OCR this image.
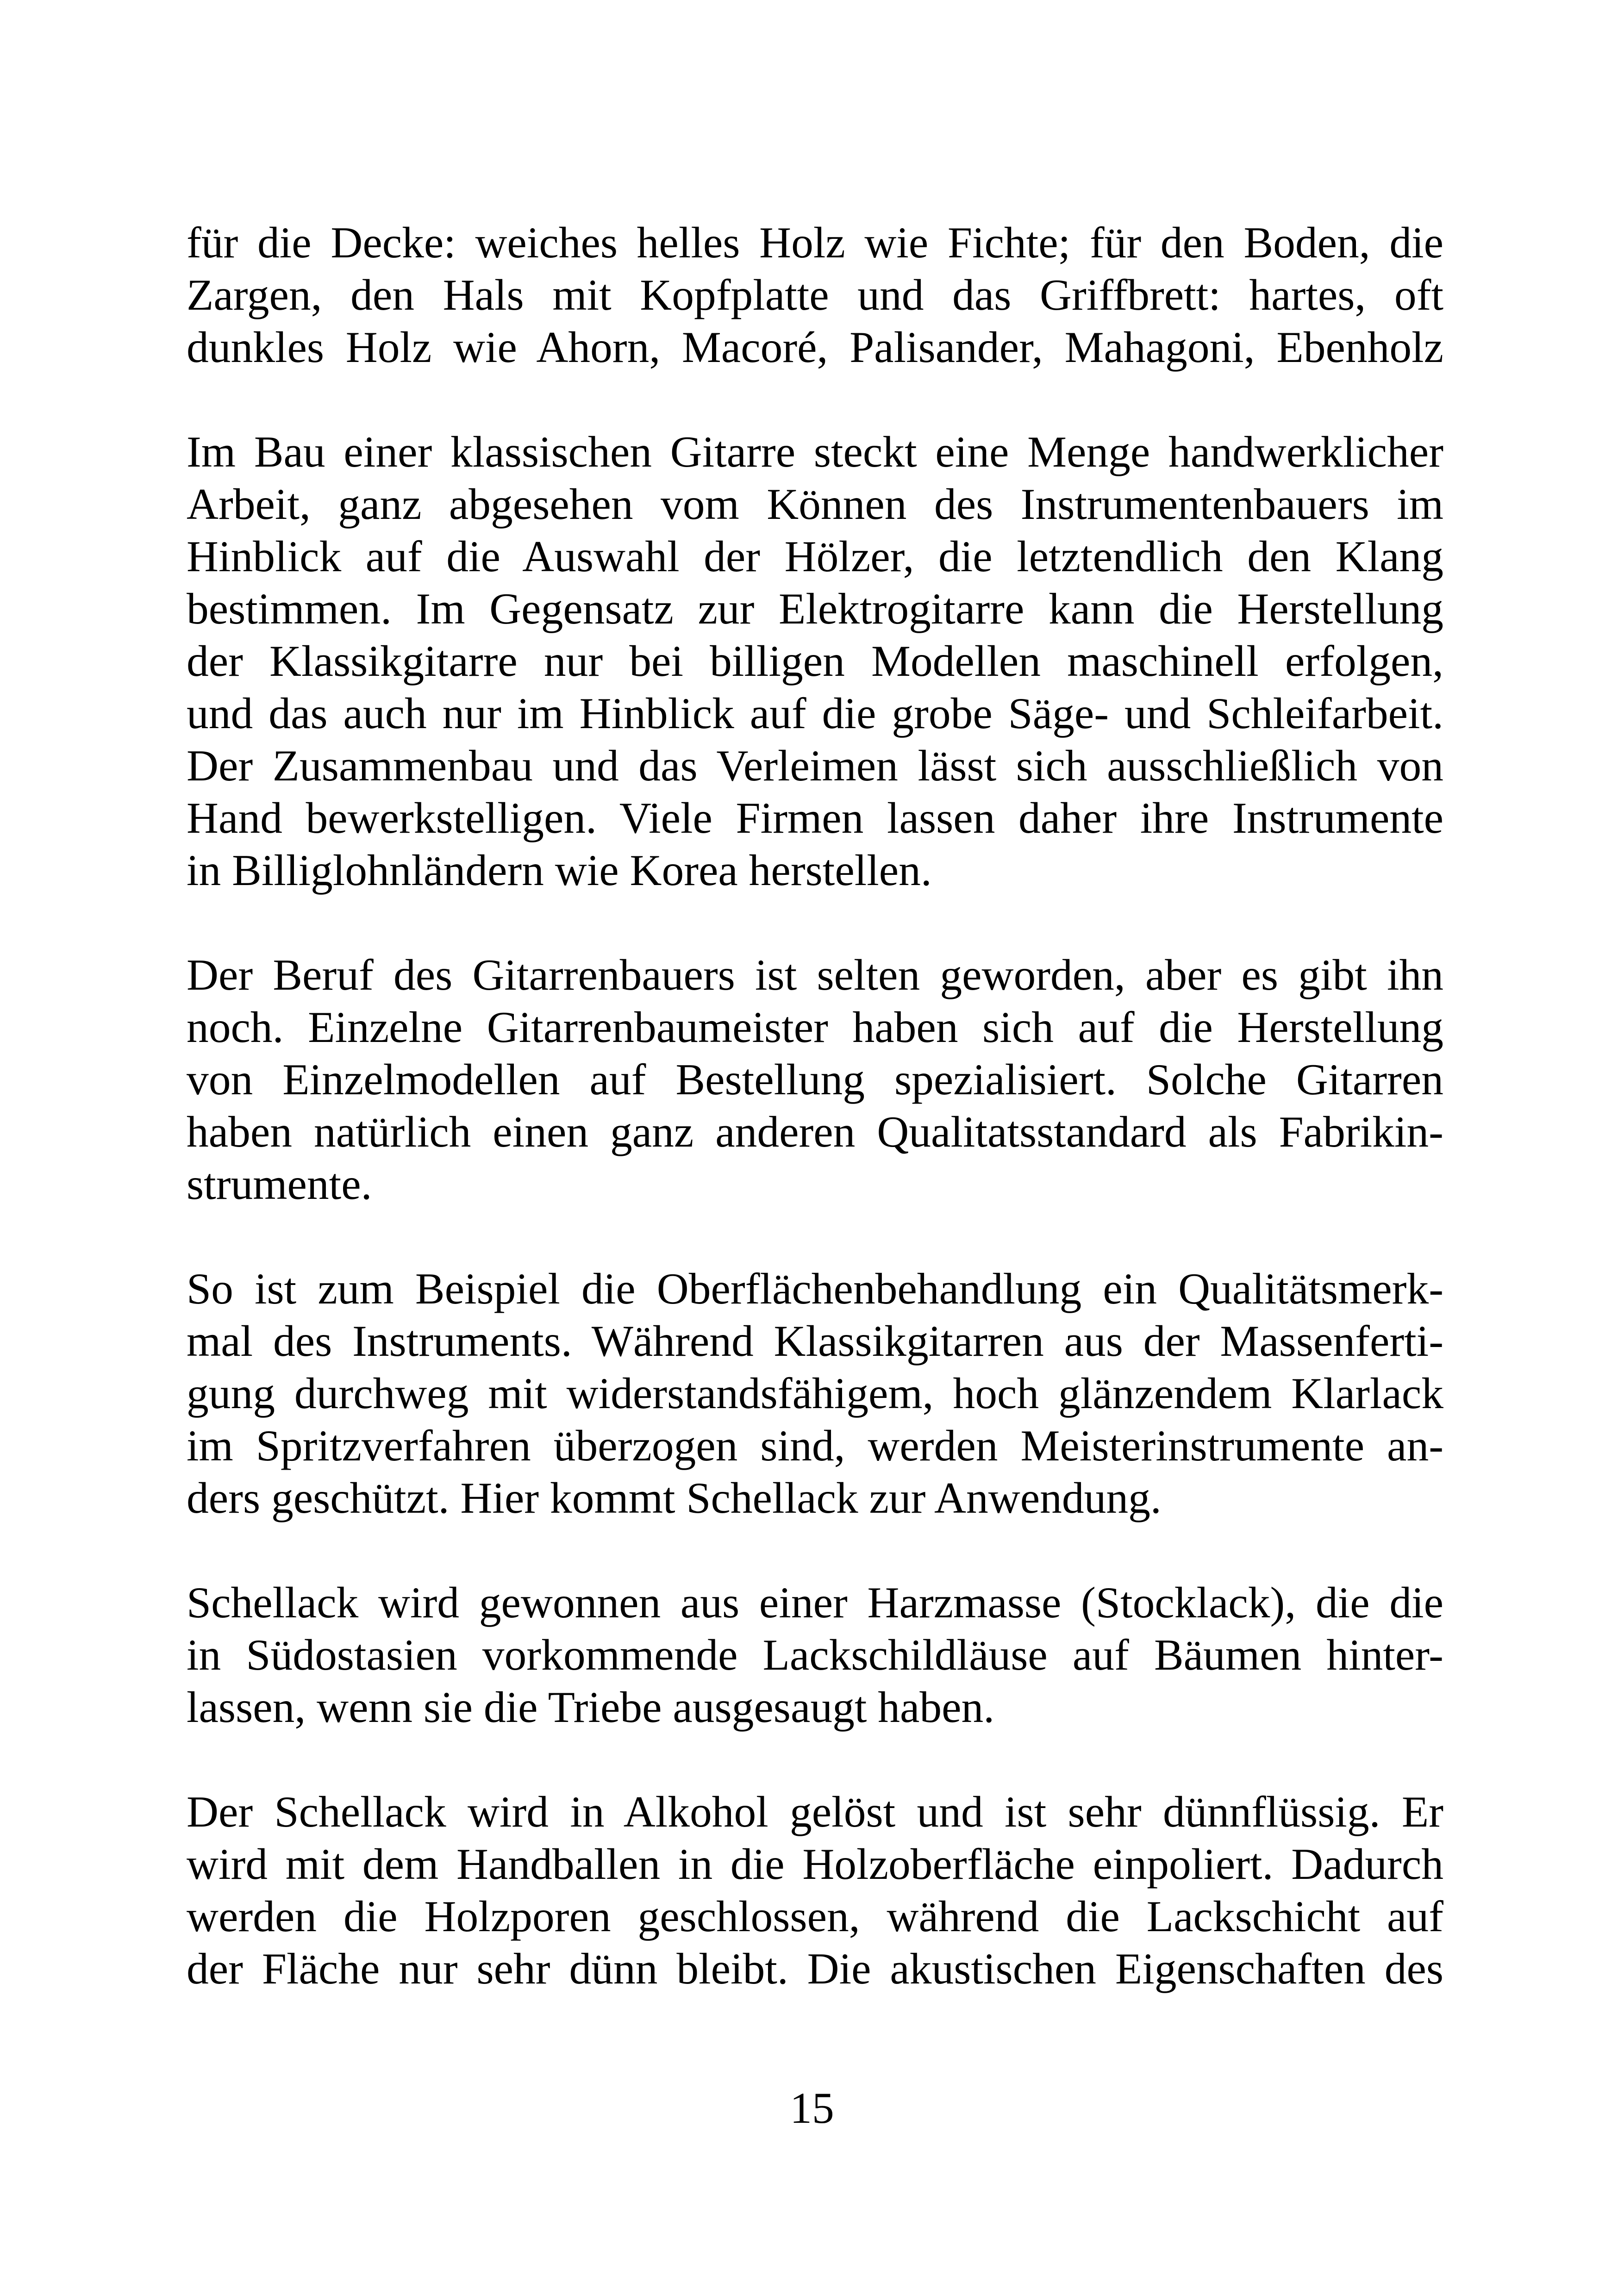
für die Decke: weiches helles Holz wie Fichte; für den Boden, die
Zargen, den Hals mit Kopfplatte und das Griffbrett: hartes, oft
dunkles Holz wie Ahorn, Macoré, Palisander, Mahagoni, Ebenholz
Im Bau einer klassischen Gitarre steckt eine Menge handwerklicher
Arbeit, ganz abgesehen vom Können des Instrumentenbauers im
Hinblick auf die Auswahl der Hölzer, die letztendlich den Klang
bestimmen. Im Gegensatz zur Elektrogitarre kann die Herstellung
der Klassikgitarre nur bei billigen Modellen maschinell erfolgen,
und das auch nur im Hinblick auf die grobe Säge- und Schleifarbeit.
Der Zusammenbau und das Verleimen lässt sich ausschließlich von
Hand bewerkstelligen. Viele Firmen lassen daher ihre Instrumente
in Billiglohnländern wie Korea herstellen.
Der Beruf des Gitarrenbauers ist selten geworden, aber es gibt ihn
noch. Einzelne Gitarrenbaumeister haben sich auf die Herstellung
von Einzelmodellen auf Bestellung spezialisiert. Solche Gitarren
haben natürlich einen ganz anderen Qualitatsstandard als Fabrikin-
strumente.
So ist zum Beispiel die Oberflächenbehandlung ein Qualitätsmerk-
mal des Instruments. Während Klassikgitarren aus der Massenferti-
gung durchweg mit widerstandsfähigem, hoch glänzendem Klarlack
im Spritzverfahren überzogen sind, werden Meisterinstrumente an-
ders geschützt. Hier kommt Schellack zur Anwendung.
Schellack wird gewonnen aus einer Harzmasse (Stocklack), die die
in Südostasien vorkommende Lackschildläuse auf Bäumen hinter-
lassen, wenn sie die Triebe ausgesaugt haben.
Der Schellack wird in Alkohol gelöst und ist sehr dünnflüssig. Er
wird mit dem Handballen in die Holzoberfläche einpoliert. Dadurch
werden die Holzporen geschlossen, während die Lackschicht auf
der Fläche nur sehr dünn bleibt. Die akustischen Eigenschaften des
15
